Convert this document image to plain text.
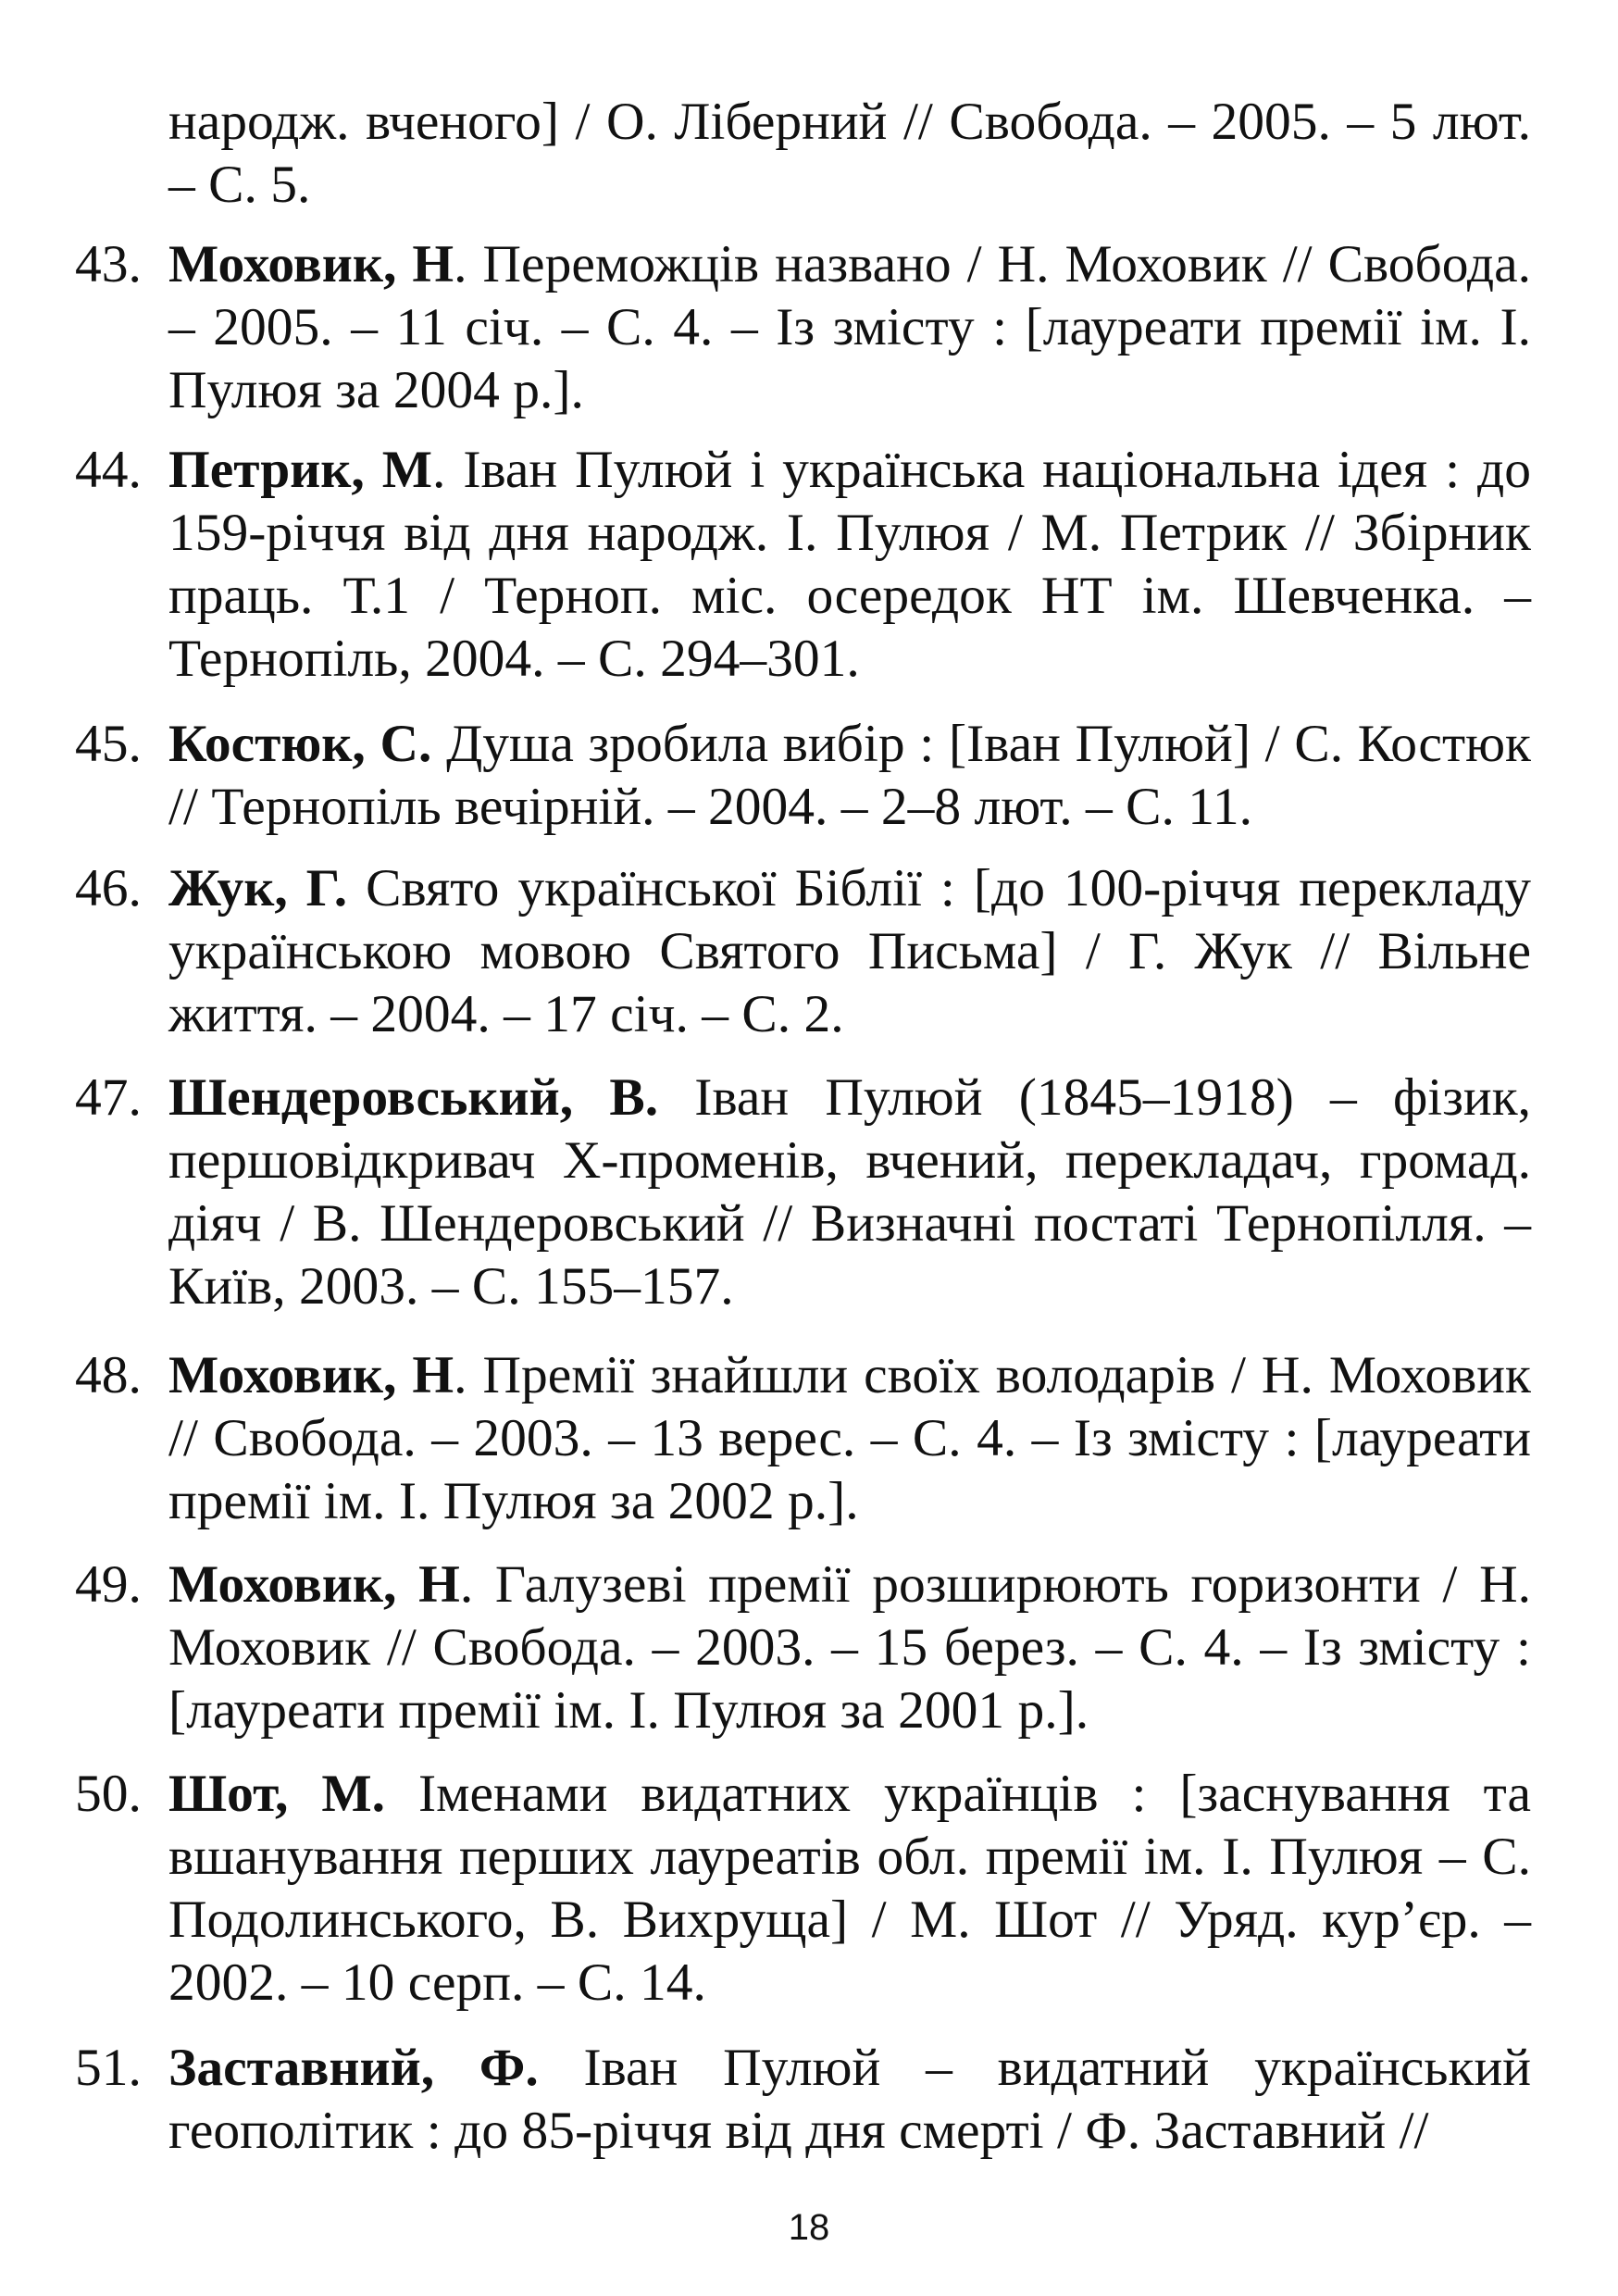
народж. вченого] / О. Ліберний // Свобода. – 2005. – 5 лют. – С. 5.

43. Моховик, Н. Переможців названо / Н. Моховик // Свобода. – 2005. – 11 січ. – С. 4. – Із змісту : [лауреати премії ім. І. Пулюя за 2004 р.].

44. Петрик, М. Іван Пулюй і українська національна ідея : до 159-річчя від дня народж. І. Пулюя / М. Петрик // Збірник праць. Т.1 / Терноп. міс. осередок НТ ім. Шевченка. – Тернопіль, 2004. – С. 294–301.

45. Костюк, С. Душа зробила вибір : [Іван Пулюй] / С. Костюк // Тернопіль вечірній. – 2004. – 2–8 лют. – С. 11.

46. Жук, Г. Свято української Біблії : [до 100-річчя перекладу українською мовою Святого Письма] / Г. Жук // Вільне життя. – 2004. – 17 січ. – С. 2.

47. Шендеровський, В. Іван Пулюй (1845–1918) – фізик, першовідкривач Х-променів, вчений, перекладач, громад. діяч / В. Шендеровський // Визначні постаті Тернопілля. – Київ, 2003. – С. 155–157.

48. Моховик, Н. Премії знайшли своїх володарів / Н. Моховик // Свобода. – 2003. – 13 верес. – С. 4. – Із змісту : [лауреати премії ім. І. Пулюя за 2002 р.].

49. Моховик, Н. Галузеві премії розширюють горизонти / Н. Моховик // Свобода. – 2003. – 15 берез. – С. 4. – Із змісту : [лауреати премії ім. І. Пулюя за 2001 р.].

50. Шот, М. Іменами видатних українців : [заснування та вшанування перших лауреатів обл. премії ім. І. Пулюя – С. Подолинського, В. Вихруща] / М. Шот // Уряд. кур’єр. – 2002. – 10 серп. – С. 14.

51. Заставний, Ф. Іван Пулюй – видатний український геополітик : до 85-річчя від дня смерті / Ф. Заставний //

18
